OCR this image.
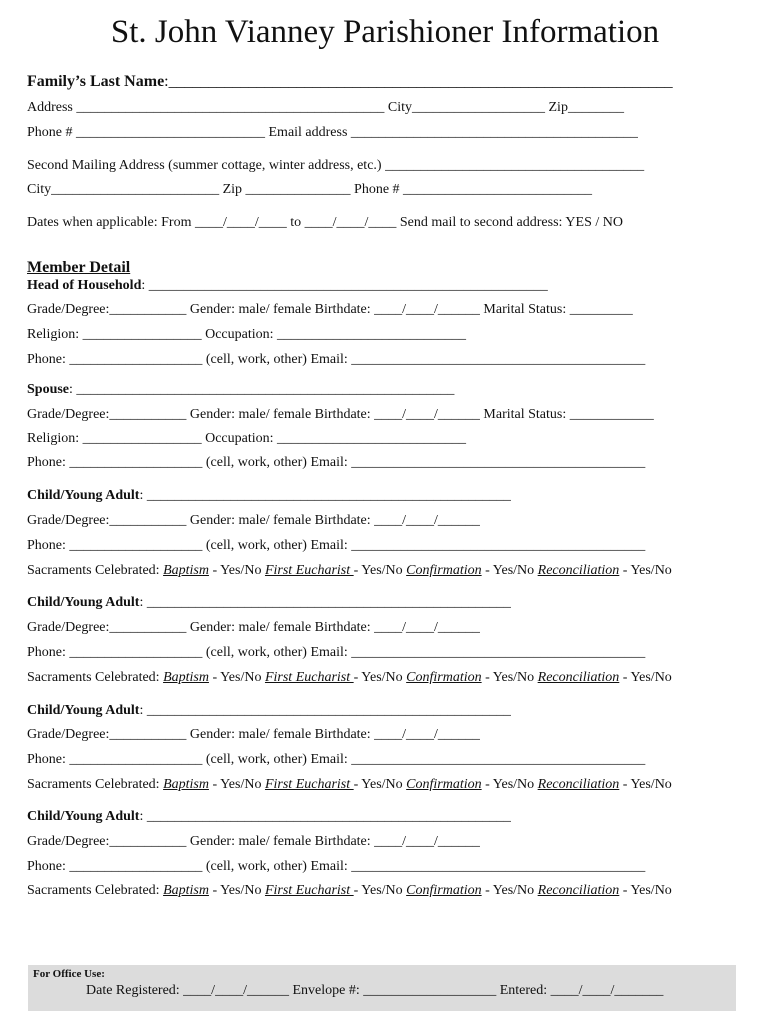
St. John Vianney Parishioner Information
Family’s Last Name:_______________________________________________________________
Address ____________________________________________ City___________________ Zip________
Phone # ___________________________ Email address _________________________________________
Second Mailing Address (summer cottage, winter address, etc.) _____________________________________
City________________________ Zip _______________ Phone # ___________________________
Dates when applicable: From ____/____/____ to ____/____/____ Send mail to second address: YES / NO
Member Detail
Head of Household: _________________________________________________________
Grade/Degree:___________ Gender: male/ female Birthdate: ____/____/______ Marital Status: _________
Religion: _________________ Occupation: ___________________________
Phone: ___________________ (cell, work, other) Email: __________________________________________
Spouse: ______________________________________________________
Grade/Degree:___________ Gender: male/ female Birthdate: ____/____/______ Marital Status: ____________
Religion: _________________ Occupation: ___________________________
Phone: ___________________ (cell, work, other) Email: __________________________________________
Child/Young Adult: ____________________________________________________
Grade/Degree:___________ Gender: male/ female Birthdate: ____/____/______
Phone: ___________________ (cell, work, other) Email: __________________________________________
Sacraments Celebrated: Baptism - Yes/No First Eucharist - Yes/No Confirmation - Yes/No Reconciliation - Yes/No
Child/Young Adult: ____________________________________________________
Grade/Degree:___________ Gender: male/ female Birthdate: ____/____/______
Phone: ___________________ (cell, work, other) Email: __________________________________________
Sacraments Celebrated: Baptism - Yes/No First Eucharist - Yes/No Confirmation - Yes/No Reconciliation - Yes/No
Child/Young Adult: ____________________________________________________
Grade/Degree:___________ Gender: male/ female Birthdate: ____/____/______
Phone: ___________________ (cell, work, other) Email: __________________________________________
Sacraments Celebrated: Baptism - Yes/No First Eucharist - Yes/No Confirmation - Yes/No Reconciliation - Yes/No
Child/Young Adult: ____________________________________________________
Grade/Degree:___________ Gender: male/ female Birthdate: ____/____/______
Phone: ___________________ (cell, work, other) Email: __________________________________________
Sacraments Celebrated: Baptism - Yes/No First Eucharist - Yes/No Confirmation - Yes/No Reconciliation - Yes/No
For Office Use:
Date Registered: ____/____/______ Envelope #: ___________________ Entered: ____/____/_______
